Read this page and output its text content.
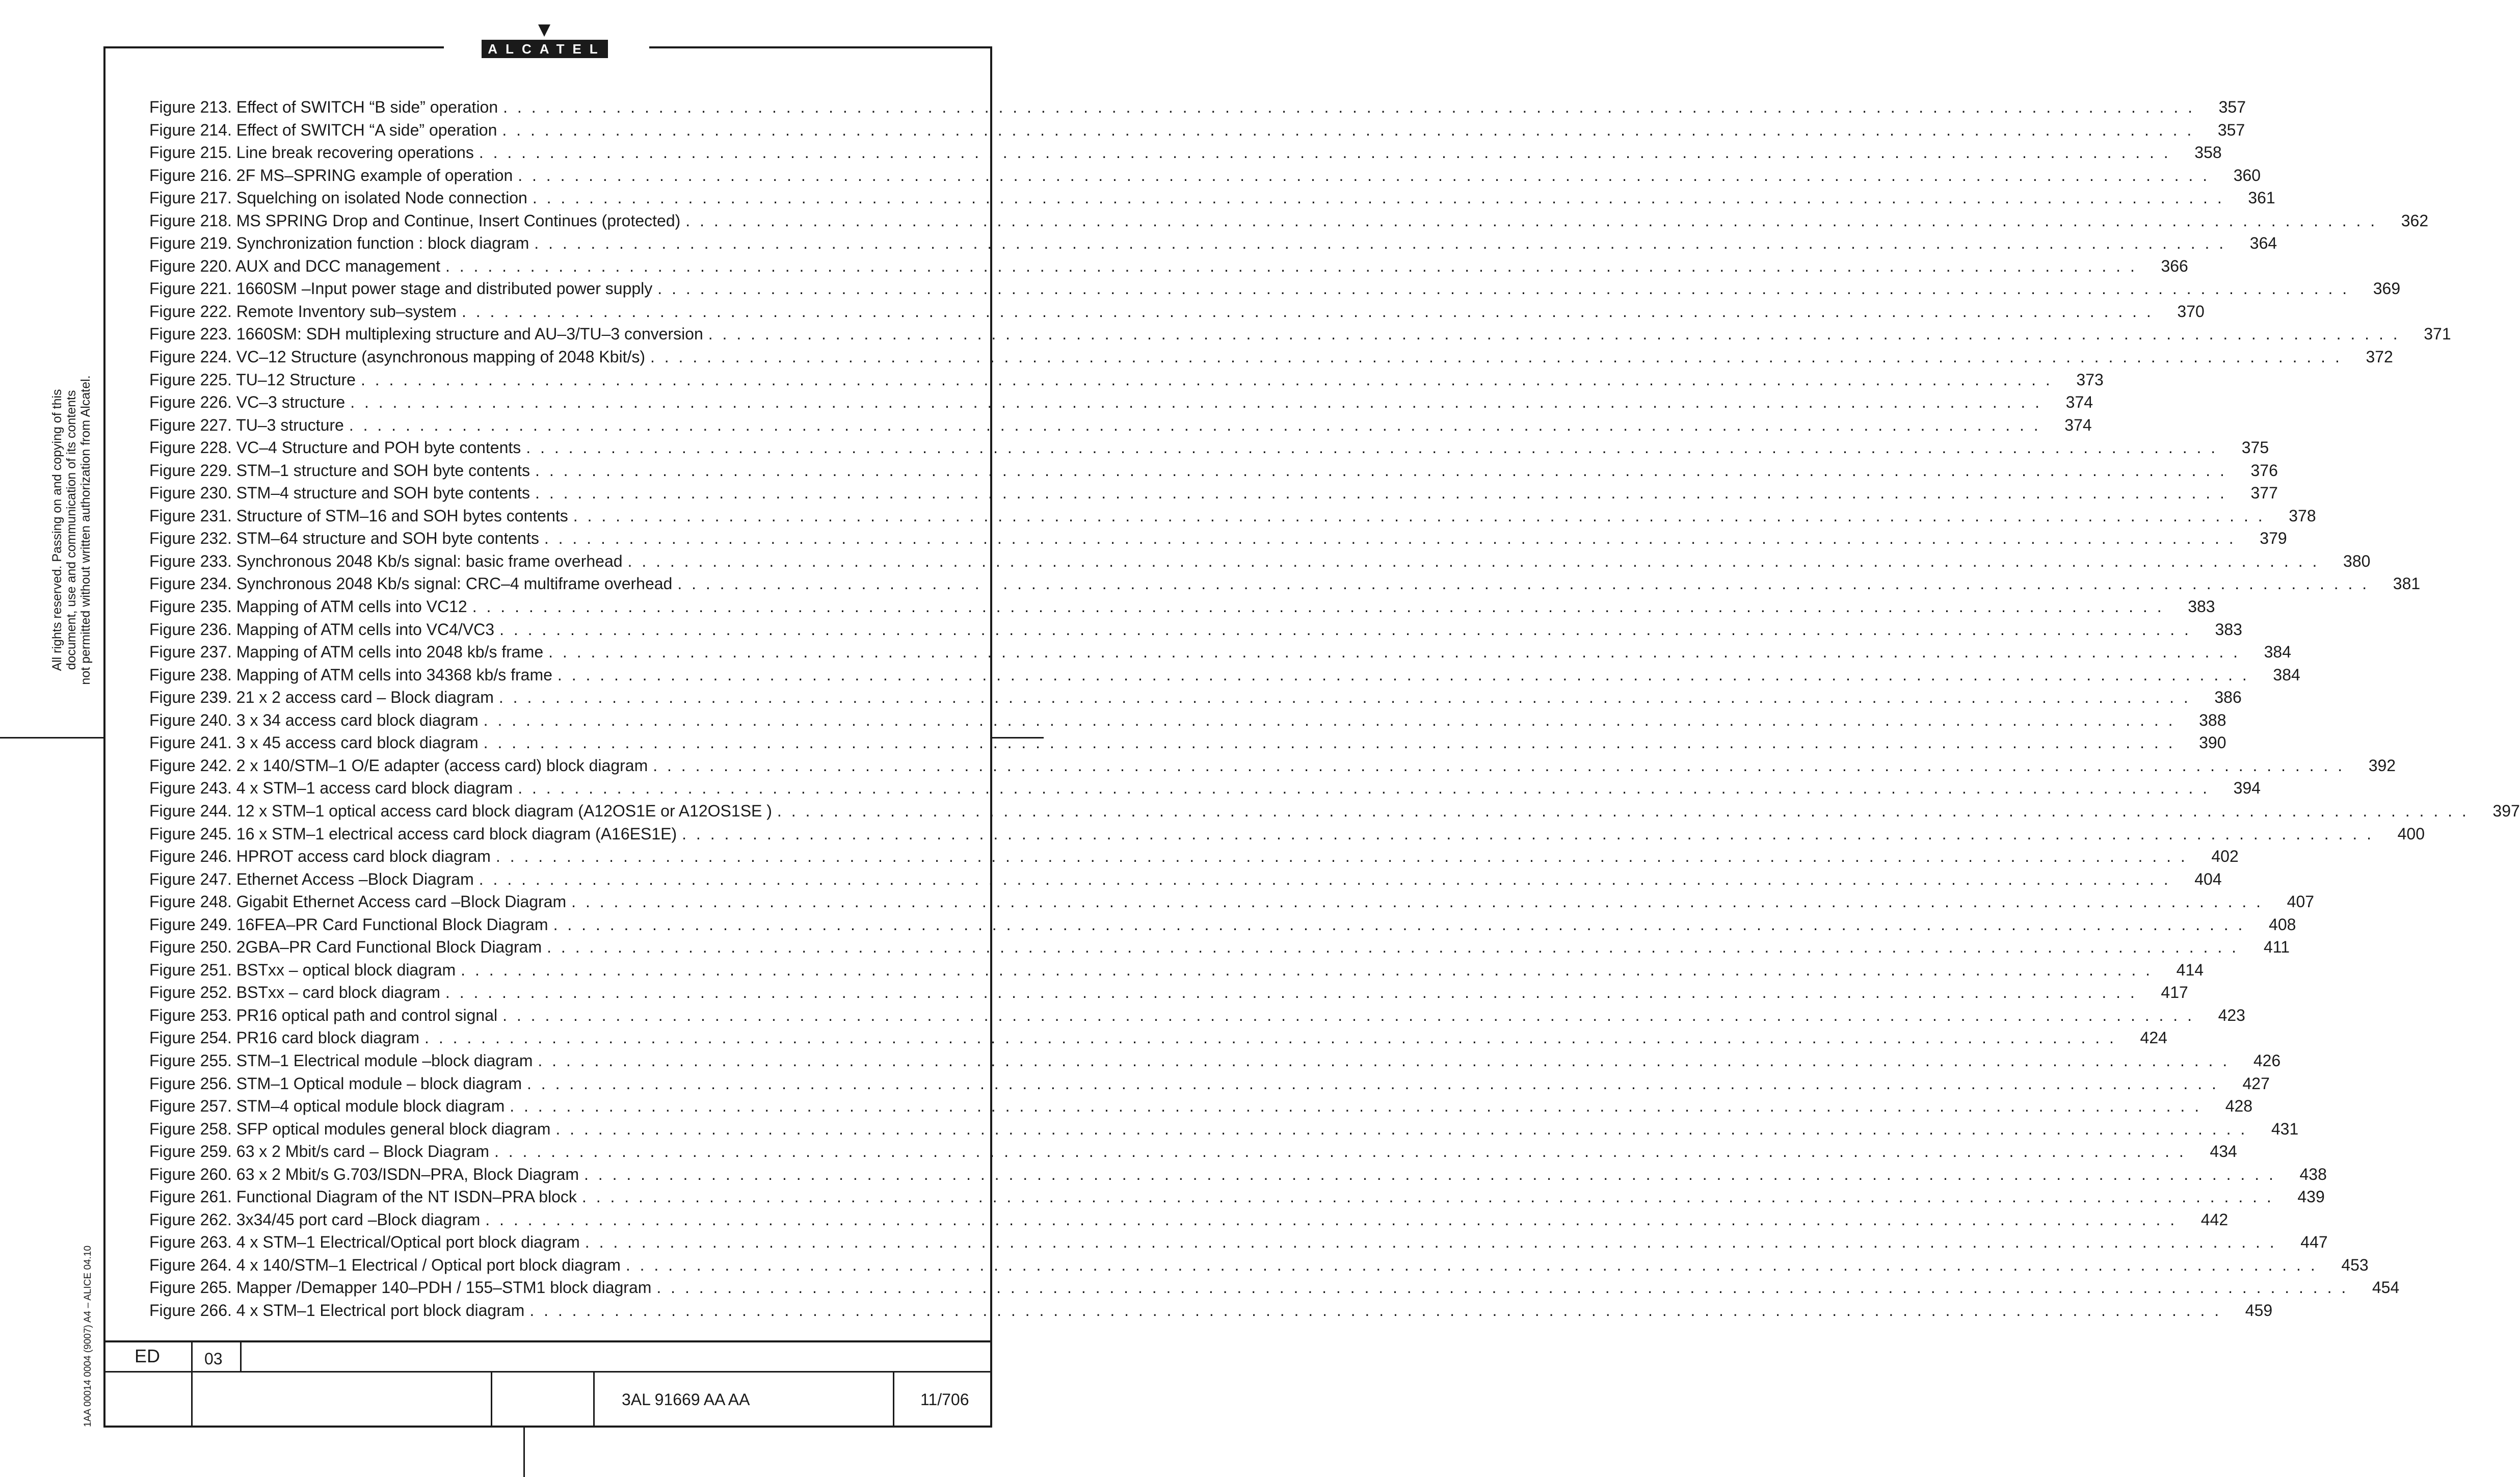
ALCATEL
All rights reserved. Passing on and copying of this document, use and communication of its contents not permitted without written authorization from Alcatel.
1AA 00014 0004 (9007) A4 – ALICE 04.10
Figure 213. Effect of SWITCH “B side” operation . . . . . . . . . . . . . . . . . . . . . . . . . . . . . . . . . . . . . . . . . . . . . . . . . . . . . . . . . . . . . . . . . . . . . . . . . . . . . . . . . . . . . . . . . . . . . . . . . . . . . . . . . . . . . . . . . . . . . . . .	357
Figure 214. Effect of SWITCH “A side” operation . . . . . . . . . . . . . . . . . . . . . . . . . . . . . . . . . . . . . . . . . . . . . . . . . . . . . . . . . . . . . . . . . . . . . . . . . . . . . . . . . . . . . . . . . . . . . . . . . . . . . . . . . . . . . . . . . . . . . . . .	357
Figure 215. Line break recovering operations . . . . . . . . . . . . . . . . . . . . . . . . . . . . . . . . . . . . . . . . . . . . . . . . . . . . . . . . . . . . . . . . . . . . . . . . . . . . . . . . . . . . . . . . . . . . . . . . . . . . . . . . . . . . . . . . . . . . . . . .	358
Figure 216. 2F MS–SPRING example of operation . . . . . . . . . . . . . . . . . . . . . . . . . . . . . . . . . . . . . . . . . . . . . . . . . . . . . . . . . . . . . . . . . . . . . . . . . . . . . . . . . . . . . . . . . . . . . . . . . . . . . . . . . . . . . . . . . . . . . . . .	360
Figure 217. Squelching on isolated Node connection . . . . . . . . . . . . . . . . . . . . . . . . . . . . . . . . . . . . . . . . . . . . . . . . . . . . . . . . . . . . . . . . . . . . . . . . . . . . . . . . . . . . . . . . . . . . . . . . . . . . . . . . . . . . . . . . . . . . . . . .	361
Figure 218. MS SPRING Drop and Continue, Insert Continues (protected) . . . . . . . . . . . . . . . . . . . . . . . . . . . . . . . . . . . . . . . . . . . . . . . . . . . . . . . . . . . . . . . . . . . . . . . . . . . . . . . . . . . . . . . . . . . . . . . . . . . . . . . . . . . . . . . . . . . . . . . .	362
Figure 219. Synchronization function : block diagram . . . . . . . . . . . . . . . . . . . . . . . . . . . . . . . . . . . . . . . . . . . . . . . . . . . . . . . . . . . . . . . . . . . . . . . . . . . . . . . . . . . . . . . . . . . . . . . . . . . . . . . . . . . . . . . . . . . . . . . .	364
Figure 220. AUX and DCC management . . . . . . . . . . . . . . . . . . . . . . . . . . . . . . . . . . . . . . . . . . . . . . . . . . . . . . . . . . . . . . . . . . . . . . . . . . . . . . . . . . . . . . . . . . . . . . . . . . . . . . . . . . . . . . . . . . . . . . . .	366
Figure 221. 1660SM –Input power stage and distributed power supply . . . . . . . . . . . . . . . . . . . . . . . . . . . . . . . . . . . . . . . . . . . . . . . . . . . . . . . . . . . . . . . . . . . . . . . . . . . . . . . . . . . . . . . . . . . . . . . . . . . . . . . . . . . . . . . . . . . . . . . .	369
Figure 222. Remote Inventory sub–system . . . . . . . . . . . . . . . . . . . . . . . . . . . . . . . . . . . . . . . . . . . . . . . . . . . . . . . . . . . . . . . . . . . . . . . . . . . . . . . . . . . . . . . . . . . . . . . . . . . . . . . . . . . . . . . . . . . . . . . .	370
Figure 223. 1660SM: SDH multiplexing structure and AU–3/TU–3 conversion . . . . . . . . . . . . . . . . . . . . . . . . . . . . . . . . . . . . . . . . . . . . . . . . . . . . . . . . . . . . . . . . . . . . . . . . . . . . . . . . . . . . . . . . . . . . . . . . . . . . . . . . . . . . . . . . . . . . . . . .	371
Figure 224. VC–12 Structure (asynchronous mapping of 2048 Kbit/s) . . . . . . . . . . . . . . . . . . . . . . . . . . . . . . . . . . . . . . . . . . . . . . . . . . . . . . . . . . . . . . . . . . . . . . . . . . . . . . . . . . . . . . . . . . . . . . . . . . . . . . . . . . . . . . . . . . . . . . . .	372
Figure 225. TU–12 Structure . . . . . . . . . . . . . . . . . . . . . . . . . . . . . . . . . . . . . . . . . . . . . . . . . . . . . . . . . . . . . . . . . . . . . . . . . . . . . . . . . . . . . . . . . . . . . . . . . . . . . . . . . . . . . . . . . . . . . . . .	373
Figure 226. VC–3 structure . . . . . . . . . . . . . . . . . . . . . . . . . . . . . . . . . . . . . . . . . . . . . . . . . . . . . . . . . . . . . . . . . . . . . . . . . . . . . . . . . . . . . . . . . . . . . . . . . . . . . . . . . . . . . . . . . . . . . . . .	374
Figure 227. TU–3 structure . . . . . . . . . . . . . . . . . . . . . . . . . . . . . . . . . . . . . . . . . . . . . . . . . . . . . . . . . . . . . . . . . . . . . . . . . . . . . . . . . . . . . . . . . . . . . . . . . . . . . . . . . . . . . . . . . . . . . . . .	374
Figure 228. VC–4 Structure and POH byte contents . . . . . . . . . . . . . . . . . . . . . . . . . . . . . . . . . . . . . . . . . . . . . . . . . . . . . . . . . . . . . . . . . . . . . . . . . . . . . . . . . . . . . . . . . . . . . . . . . . . . . . . . . . . . . . . . . . . . . . . .	375
Figure 229. STM–1 structure and SOH byte contents . . . . . . . . . . . . . . . . . . . . . . . . . . . . . . . . . . . . . . . . . . . . . . . . . . . . . . . . . . . . . . . . . . . . . . . . . . . . . . . . . . . . . . . . . . . . . . . . . . . . . . . . . . . . . . . . . . . . . . . .	376
Figure 230. STM–4 structure and SOH byte contents . . . . . . . . . . . . . . . . . . . . . . . . . . . . . . . . . . . . . . . . . . . . . . . . . . . . . . . . . . . . . . . . . . . . . . . . . . . . . . . . . . . . . . . . . . . . . . . . . . . . . . . . . . . . . . . . . . . . . . . .	377
Figure 231. Structure of STM–16 and SOH bytes contents . . . . . . . . . . . . . . . . . . . . . . . . . . . . . . . . . . . . . . . . . . . . . . . . . . . . . . . . . . . . . . . . . . . . . . . . . . . . . . . . . . . . . . . . . . . . . . . . . . . . . . . . . . . . . . . . . . . . . . . .	378
Figure 232. STM–64 structure and SOH byte contents . . . . . . . . . . . . . . . . . . . . . . . . . . . . . . . . . . . . . . . . . . . . . . . . . . . . . . . . . . . . . . . . . . . . . . . . . . . . . . . . . . . . . . . . . . . . . . . . . . . . . . . . . . . . . . . . . . . . . . . .	379
Figure 233. Synchronous 2048 Kb/s signal: basic frame overhead . . . . . . . . . . . . . . . . . . . . . . . . . . . . . . . . . . . . . . . . . . . . . . . . . . . . . . . . . . . . . . . . . . . . . . . . . . . . . . . . . . . . . . . . . . . . . . . . . . . . . . . . . . . . . . . . . . . . . . . .	380
Figure 234. Synchronous 2048 Kb/s signal: CRC–4 multiframe overhead . . . . . . . . . . . . . . . . . . . . . . . . . . . . . . . . . . . . . . . . . . . . . . . . . . . . . . . . . . . . . . . . . . . . . . . . . . . . . . . . . . . . . . . . . . . . . . . . . . . . . . . . . . . . . . . . . . . . . . . .	381
Figure 235. Mapping of ATM cells into VC12 . . . . . . . . . . . . . . . . . . . . . . . . . . . . . . . . . . . . . . . . . . . . . . . . . . . . . . . . . . . . . . . . . . . . . . . . . . . . . . . . . . . . . . . . . . . . . . . . . . . . . . . . . . . . . . . . . . . . . . . .	383
Figure 236. Mapping of ATM cells into VC4/VC3 . . . . . . . . . . . . . . . . . . . . . . . . . . . . . . . . . . . . . . . . . . . . . . . . . . . . . . . . . . . . . . . . . . . . . . . . . . . . . . . . . . . . . . . . . . . . . . . . . . . . . . . . . . . . . . . . . . . . . . . .	383
Figure 237. Mapping of ATM cells into 2048 kb/s frame . . . . . . . . . . . . . . . . . . . . . . . . . . . . . . . . . . . . . . . . . . . . . . . . . . . . . . . . . . . . . . . . . . . . . . . . . . . . . . . . . . . . . . . . . . . . . . . . . . . . . . . . . . . . . . . . . . . . . . . .	384
Figure 238. Mapping of ATM cells into 34368 kb/s frame . . . . . . . . . . . . . . . . . . . . . . . . . . . . . . . . . . . . . . . . . . . . . . . . . . . . . . . . . . . . . . . . . . . . . . . . . . . . . . . . . . . . . . . . . . . . . . . . . . . . . . . . . . . . . . . . . . . . . . . .	384
Figure 239. 21 x 2 access card – Block diagram . . . . . . . . . . . . . . . . . . . . . . . . . . . . . . . . . . . . . . . . . . . . . . . . . . . . . . . . . . . . . . . . . . . . . . . . . . . . . . . . . . . . . . . . . . . . . . . . . . . . . . . . . . . . . . . . . . . . . . . .	386
Figure 240. 3 x 34 access card block diagram . . . . . . . . . . . . . . . . . . . . . . . . . . . . . . . . . . . . . . . . . . . . . . . . . . . . . . . . . . . . . . . . . . . . . . . . . . . . . . . . . . . . . . . . . . . . . . . . . . . . . . . . . . . . . . . . . . . . . . . .	388
Figure 241. 3 x 45 access card block diagram . . . . . . . . . . . . . . . . . . . . . . . . . . . . . . . . . . . . . . . . . . . . . . . . . . . . . . . . . . . . . . . . . . . . . . . . . . . . . . . . . . . . . . . . . . . . . . . . . . . . . . . . . . . . . . . . . . . . . . . .	390
Figure 242. 2 x 140/STM–1 O/E adapter (access card) block diagram . . . . . . . . . . . . . . . . . . . . . . . . . . . . . . . . . . . . . . . . . . . . . . . . . . . . . . . . . . . . . . . . . . . . . . . . . . . . . . . . . . . . . . . . . . . . . . . . . . . . . . . . . . . . . . . . . . . . . . . .	392
Figure 243. 4 x STM–1 access card block diagram . . . . . . . . . . . . . . . . . . . . . . . . . . . . . . . . . . . . . . . . . . . . . . . . . . . . . . . . . . . . . . . . . . . . . . . . . . . . . . . . . . . . . . . . . . . . . . . . . . . . . . . . . . . . . . . . . . . . . . . .	394
Figure 244. 12 x STM–1 optical access card block diagram (A12OS1E or A12OS1SE ) . . . . . . . . . . . . . . . . . . . . . . . . . . . . . . . . . . . . . . . . . . . . . . . . . . . . . . . . . . . . . . . . . . . . . . . . . . . . . . . . . . . . . . . . . . . . . . . . . . . . . . . . . . . . . . . . . . . . . . . .	397
Figure 245. 16 x STM–1 electrical access card block diagram (A16ES1E) . . . . . . . . . . . . . . . . . . . . . . . . . . . . . . . . . . . . . . . . . . . . . . . . . . . . . . . . . . . . . . . . . . . . . . . . . . . . . . . . . . . . . . . . . . . . . . . . . . . . . . . . . . . . . . . . . . . . . . . .	400
Figure 246. HPROT access card block diagram . . . . . . . . . . . . . . . . . . . . . . . . . . . . . . . . . . . . . . . . . . . . . . . . . . . . . . . . . . . . . . . . . . . . . . . . . . . . . . . . . . . . . . . . . . . . . . . . . . . . . . . . . . . . . . . . . . . . . . . .	402
Figure 247. Ethernet Access –Block Diagram . . . . . . . . . . . . . . . . . . . . . . . . . . . . . . . . . . . . . . . . . . . . . . . . . . . . . . . . . . . . . . . . . . . . . . . . . . . . . . . . . . . . . . . . . . . . . . . . . . . . . . . . . . . . . . . . . . . . . . . .	404
Figure 248. Gigabit Ethernet Access card –Block Diagram . . . . . . . . . . . . . . . . . . . . . . . . . . . . . . . . . . . . . . . . . . . . . . . . . . . . . . . . . . . . . . . . . . . . . . . . . . . . . . . . . . . . . . . . . . . . . . . . . . . . . . . . . . . . . . . . . . . . . . . .	407
Figure 249. 16FEA–PR Card Functional Block Diagram . . . . . . . . . . . . . . . . . . . . . . . . . . . . . . . . . . . . . . . . . . . . . . . . . . . . . . . . . . . . . . . . . . . . . . . . . . . . . . . . . . . . . . . . . . . . . . . . . . . . . . . . . . . . . . . . . . . . . . . .	408
Figure 250. 2GBA–PR Card Functional Block Diagram . . . . . . . . . . . . . . . . . . . . . . . . . . . . . . . . . . . . . . . . . . . . . . . . . . . . . . . . . . . . . . . . . . . . . . . . . . . . . . . . . . . . . . . . . . . . . . . . . . . . . . . . . . . . . . . . . . . . . . . .	411
Figure 251. BSTxx – optical block diagram . . . . . . . . . . . . . . . . . . . . . . . . . . . . . . . . . . . . . . . . . . . . . . . . . . . . . . . . . . . . . . . . . . . . . . . . . . . . . . . . . . . . . . . . . . . . . . . . . . . . . . . . . . . . . . . . . . . . . . . .	414
Figure 252. BSTxx – card block diagram . . . . . . . . . . . . . . . . . . . . . . . . . . . . . . . . . . . . . . . . . . . . . . . . . . . . . . . . . . . . . . . . . . . . . . . . . . . . . . . . . . . . . . . . . . . . . . . . . . . . . . . . . . . . . . . . . . . . . . . .	417
Figure 253. PR16 optical path and control signal . . . . . . . . . . . . . . . . . . . . . . . . . . . . . . . . . . . . . . . . . . . . . . . . . . . . . . . . . . . . . . . . . . . . . . . . . . . . . . . . . . . . . . . . . . . . . . . . . . . . . . . . . . . . . . . . . . . . . . . .	423
Figure 254. PR16 card block diagram . . . . . . . . . . . . . . . . . . . . . . . . . . . . . . . . . . . . . . . . . . . . . . . . . . . . . . . . . . . . . . . . . . . . . . . . . . . . . . . . . . . . . . . . . . . . . . . . . . . . . . . . . . . . . . . . . . . . . . . .	424
Figure 255. STM–1 Electrical module –block diagram . . . . . . . . . . . . . . . . . . . . . . . . . . . . . . . . . . . . . . . . . . . . . . . . . . . . . . . . . . . . . . . . . . . . . . . . . . . . . . . . . . . . . . . . . . . . . . . . . . . . . . . . . . . . . . . . . . . . . . . .	426
Figure 256. STM–1 Optical module – block diagram . . . . . . . . . . . . . . . . . . . . . . . . . . . . . . . . . . . . . . . . . . . . . . . . . . . . . . . . . . . . . . . . . . . . . . . . . . . . . . . . . . . . . . . . . . . . . . . . . . . . . . . . . . . . . . . . . . . . . . . .	427
Figure 257. STM–4 optical module block diagram . . . . . . . . . . . . . . . . . . . . . . . . . . . . . . . . . . . . . . . . . . . . . . . . . . . . . . . . . . . . . . . . . . . . . . . . . . . . . . . . . . . . . . . . . . . . . . . . . . . . . . . . . . . . . . . . . . . . . . . .	428
Figure 258. SFP optical modules general block diagram . . . . . . . . . . . . . . . . . . . . . . . . . . . . . . . . . . . . . . . . . . . . . . . . . . . . . . . . . . . . . . . . . . . . . . . . . . . . . . . . . . . . . . . . . . . . . . . . . . . . . . . . . . . . . . . . . . . . . . . .	431
Figure 259. 63 x 2 Mbit/s card – Block Diagram . . . . . . . . . . . . . . . . . . . . . . . . . . . . . . . . . . . . . . . . . . . . . . . . . . . . . . . . . . . . . . . . . . . . . . . . . . . . . . . . . . . . . . . . . . . . . . . . . . . . . . . . . . . . . . . . . . . . . . . .	434
Figure 260. 63 x 2 Mbit/s G.703/ISDN–PRA, Block Diagram . . . . . . . . . . . . . . . . . . . . . . . . . . . . . . . . . . . . . . . . . . . . . . . . . . . . . . . . . . . . . . . . . . . . . . . . . . . . . . . . . . . . . . . . . . . . . . . . . . . . . . . . . . . . . . . . . . . . . . . .	438
Figure 261. Functional Diagram of the NT ISDN–PRA block . . . . . . . . . . . . . . . . . . . . . . . . . . . . . . . . . . . . . . . . . . . . . . . . . . . . . . . . . . . . . . . . . . . . . . . . . . . . . . . . . . . . . . . . . . . . . . . . . . . . . . . . . . . . . . . . . . . . . . . .	439
Figure 262. 3x34/45 port card –Block diagram . . . . . . . . . . . . . . . . . . . . . . . . . . . . . . . . . . . . . . . . . . . . . . . . . . . . . . . . . . . . . . . . . . . . . . . . . . . . . . . . . . . . . . . . . . . . . . . . . . . . . . . . . . . . . . . . . . . . . . . .	442
Figure 263. 4 x STM–1 Electrical/Optical port block diagram . . . . . . . . . . . . . . . . . . . . . . . . . . . . . . . . . . . . . . . . . . . . . . . . . . . . . . . . . . . . . . . . . . . . . . . . . . . . . . . . . . . . . . . . . . . . . . . . . . . . . . . . . . . . . . . . . . . . . . . .	447
Figure 264. 4 x 140/STM–1 Electrical / Optical port block diagram . . . . . . . . . . . . . . . . . . . . . . . . . . . . . . . . . . . . . . . . . . . . . . . . . . . . . . . . . . . . . . . . . . . . . . . . . . . . . . . . . . . . . . . . . . . . . . . . . . . . . . . . . . . . . . . . . . . . . . . .	453
Figure 265. Mapper /Demapper 140–PDH / 155–STM1 block diagram . . . . . . . . . . . . . . . . . . . . . . . . . . . . . . . . . . . . . . . . . . . . . . . . . . . . . . . . . . . . . . . . . . . . . . . . . . . . . . . . . . . . . . . . . . . . . . . . . . . . . . . . . . . . . . . . . . . . . . . .	454
Figure 266. 4 x STM–1 Electrical port block diagram . . . . . . . . . . . . . . . . . . . . . . . . . . . . . . . . . . . . . . . . . . . . . . . . . . . . . . . . . . . . . . . . . . . . . . . . . . . . . . . . . . . . . . . . . . . . . . . . . . . . . . . . . . . . . . . . . . . . . . . .	459
ED	03
3AL 91669 AA AA	11/706
